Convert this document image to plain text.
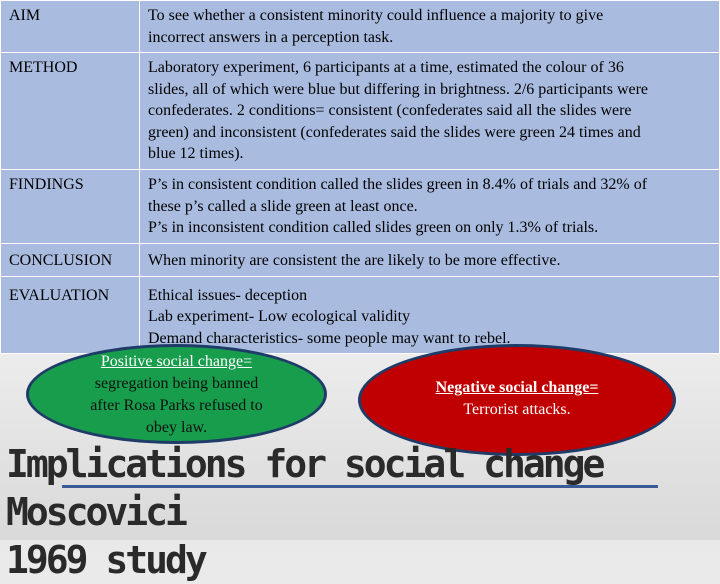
AIM	To see whether a consistent minority could influence a majority to give
incorrect answers in a perception task.

METHOD	Laboratory experiment, 6 participants at a time, estimated the colour of 36
slides, all of which were blue but differing in brightness. 2/6 participants were
confederates. 2 conditions= consistent (confederates said all the slides were
green) and inconsistent (confederates said the slides were green 24 times and
blue 12 times).

FINDINGS	P’s in consistent condition called the slides green in 8.4% of trials and 32% of
these p’s called a slide green at least once.
P’s in inconsistent condition called slides green on only 1.3% of trials.

CONCLUSION	When minority are consistent the are likely to be more effective.

EVALUATION	Ethical issues- deception
Lab experiment- Low ecological validity
Demand characteristics- some people may want to rebel.
Positive social change=
segregation being banned
after Rosa Parks refused to
obey law.
Negative social change=
Terrorist attacks.
Implications for social change Moscovici
1969 study
